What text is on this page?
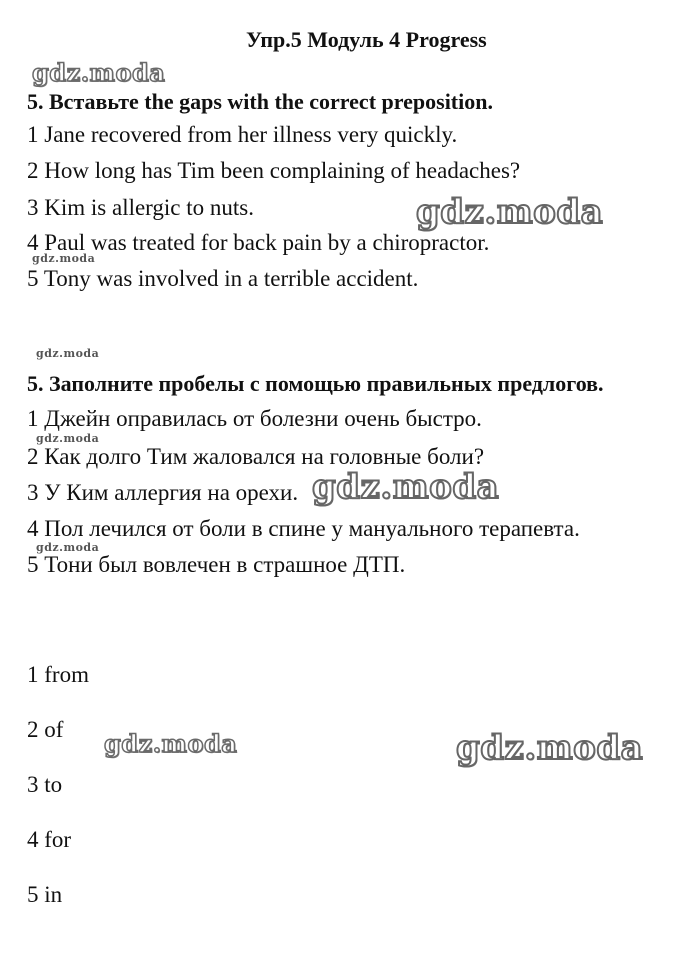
Упр.5 Модуль 4 Progress
gdz.moda
5. Вставьте the gaps with the correct preposition.
1 Jane recovered from her illness very quickly.
2 How long has Tim been complaining of headaches?
3 Kim is allergic to nuts.	gdz.moda
4 Paul was treated for back pain by a chiropractor.
gdz.moda
5 Tony was involved in a terrible accident.
gdz.moda
5. Заполните пробелы с помощью правильных предлогов.
1 Джейн оправилась от болезни очень быстро.
gdz.moda
2 Как долго Тим жаловался на головные боли?
3 У Ким аллергия на орехи. gdz.moda
4 Пол лечился от боли в спине у мануального терапевта.
gdz.moda
5 Тони был вовлечен в страшное ДТП.
1 from
2 of gdz.moda	gdz.moda
3 to
4 for
5 in
